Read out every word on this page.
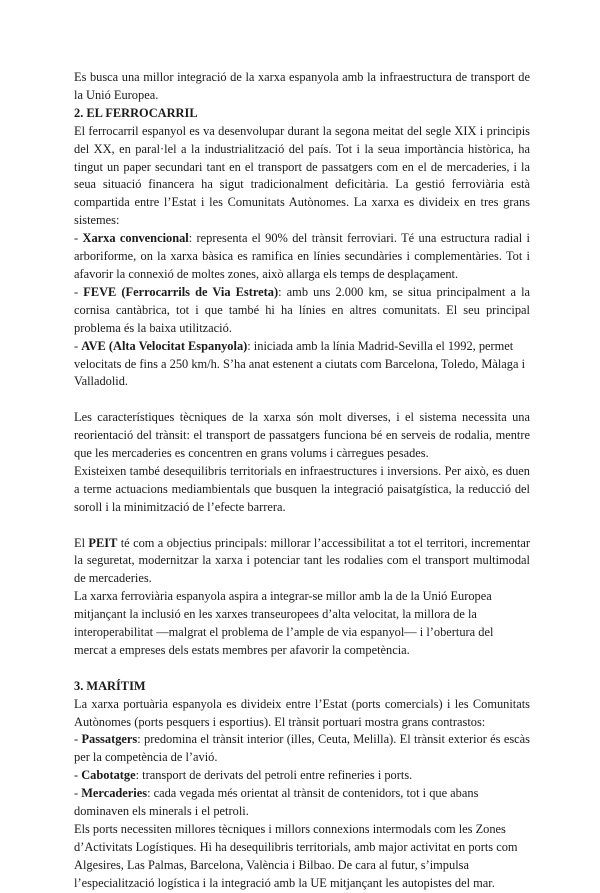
Es busca una millor integració de la xarxa espanyola amb la infraestructura de transport de la Unió Europea.

2. EL FERROCARRIL

El ferrocarril espanyol es va desenvolupar durant la segona meitat del segle XIX i principis del XX, en paral·lel a la industrialització del país. Tot i la seua importància històrica, ha tingut un paper secundari tant en el transport de passatgers com en el de mercaderies, i la seua situació financera ha sigut tradicionalment deficitària. La gestió ferroviària està compartida entre l’Estat i les Comunitats Autònomes. La xarxa es divideix en tres grans sistemes:

- Xarxa convencional: representa el 90% del trànsit ferroviari. Té una estructura radial i arboriforme, on la xarxa bàsica es ramifica en línies secundàries i complementàries. Tot i afavorir la connexió de moltes zones, això allarga els temps de desplaçament.

- FEVE (Ferrocarrils de Via Estreta): amb uns 2.000 km, se situa principalment a la cornisa cantàbrica, tot i que també hi ha línies en altres comunitats. El seu principal problema és la baixa utilització.

- AVE (Alta Velocitat Espanyola): iniciada amb la línia Madrid-Sevilla el 1992, permet velocitats de fins a 250 km/h. S’ha anat estenent a ciutats com Barcelona, Toledo, Màlaga i Valladolid.

Les característiques tècniques de la xarxa són molt diverses, i el sistema necessita una reorientació del trànsit: el transport de passatgers funciona bé en serveis de rodalia, mentre que les mercaderies es concentren en grans volums i càrregues pesades.

Existeixen també desequilibris territorials en infraestructures i inversions. Per això, es duen a terme actuacions mediambientals que busquen la integració paisatgística, la reducció del soroll i la minimització de l’efecte barrera.

El PEIT té com a objectius principals: millorar l’accessibilitat a tot el territori, incrementar la seguretat, modernitzar la xarxa i potenciar tant les rodalies com el transport multimodal de mercaderies.

La xarxa ferroviària espanyola aspira a integrar-se millor amb la de la Unió Europea mitjançant la inclusió en les xarxes transeuropees d’alta velocitat, la millora de la interoperabilitat —malgrat el problema de l’ample de via espanyol— i l’obertura del mercat a empreses dels estats membres per afavorir la competència.

3. MARÍTIM

La xarxa portuària espanyola es divideix entre l’Estat (ports comercials) i les Comunitats Autònomes (ports pesquers i esportius). El trànsit portuari mostra grans contrastos:

- Passatgers: predomina el trànsit interior (illes, Ceuta, Melilla). El trànsit exterior és escàs per la competència de l’avió.

- Cabotatge: transport de derivats del petroli entre refineries i ports.

- Mercaderies: cada vegada més orientat al trànsit de contenidors, tot i que abans dominaven els minerals i el petroli.

Els ports necessiten millores tècniques i millors connexions intermodals com les Zones d’Activitats Logístiques. Hi ha desequilibris territorials, amb major activitat en ports com Algesires, Las Palmas, Barcelona, València i Bilbao. De cara al futur, s’impulsa l’especialització logística i la integració amb la UE mitjançant les autopistes del mar.
